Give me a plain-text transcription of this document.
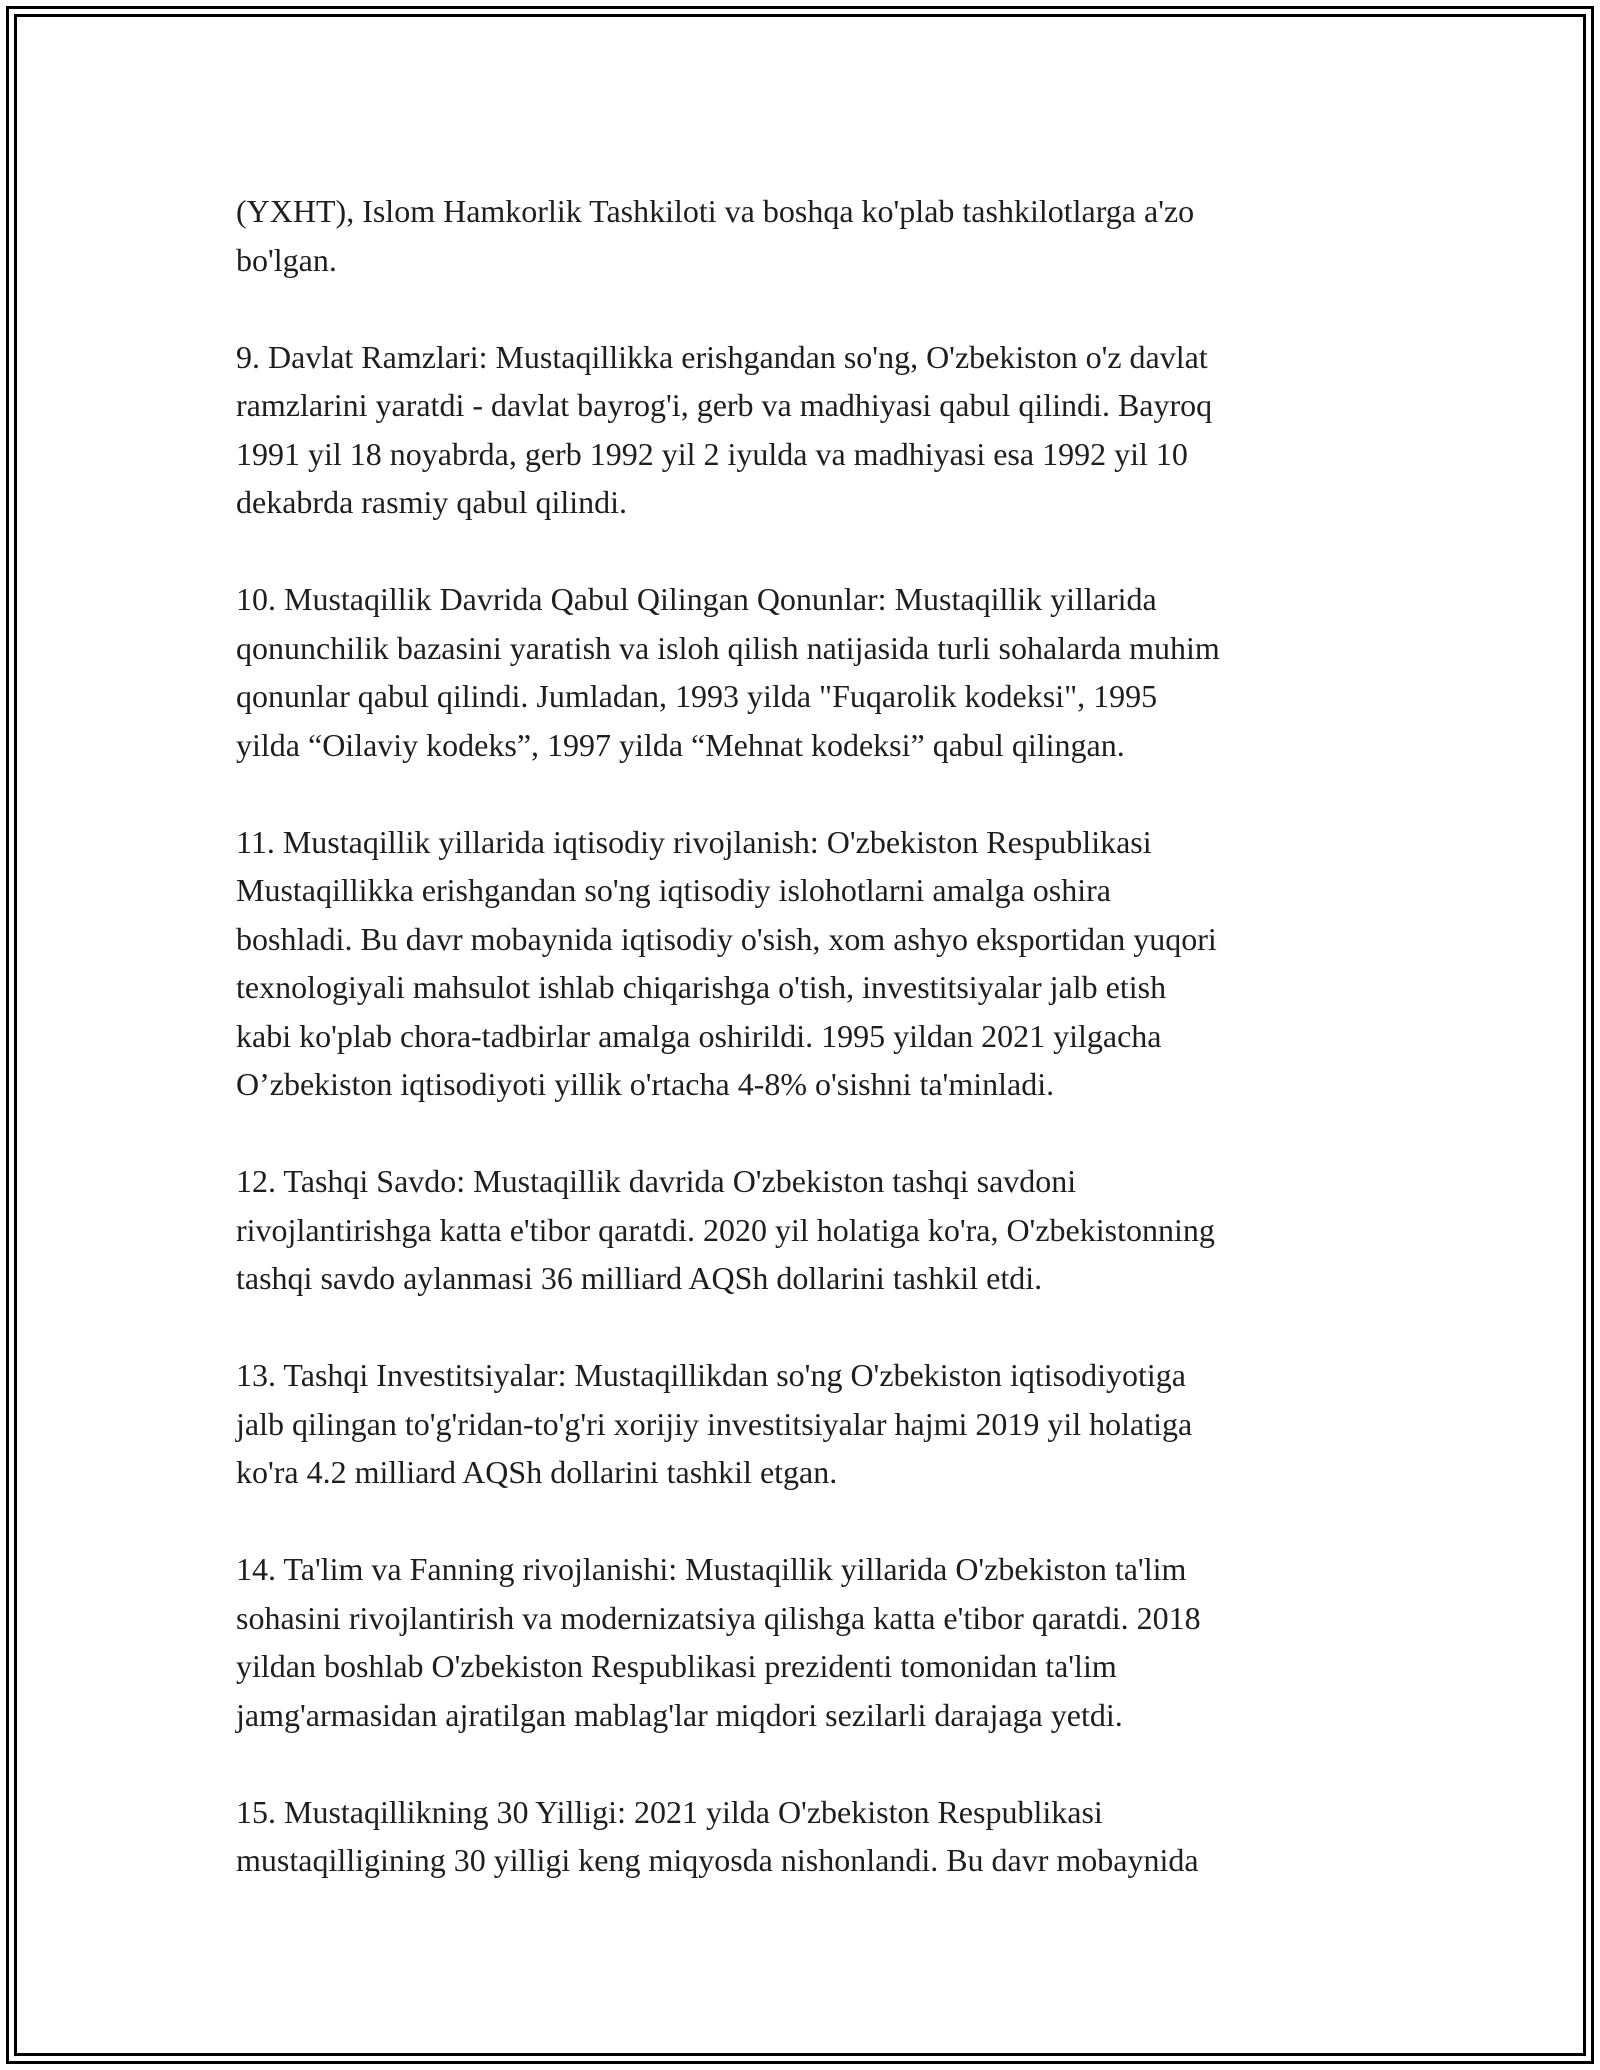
(YXHT), Islom Hamkorlik Tashkiloti va boshqa ko'plab tashkilotlarga a'zo
bo'lgan.

9. Davlat Ramzlari: Mustaqillikka erishgandan so'ng, O'zbekiston o'z davlat
ramzlarini yaratdi - davlat bayrog'i, gerb va madhiyasi qabul qilindi. Bayroq
1991 yil 18 noyabrda, gerb 1992 yil 2 iyulda va madhiyasi esa 1992 yil 10
dekabrda rasmiy qabul qilindi.

10. Mustaqillik Davrida Qabul Qilingan Qonunlar: Mustaqillik yillarida
qonunchilik bazasini yaratish va isloh qilish natijasida turli sohalarda muhim
qonunlar qabul qilindi. Jumladan, 1993 yilda "Fuqarolik kodeksi", 1995
yilda “Oilaviy kodeks”, 1997 yilda “Mehnat kodeksi” qabul qilingan.

11. Mustaqillik yillarida iqtisodiy rivojlanish: O'zbekiston Respublikasi
Mustaqillikka erishgandan so'ng iqtisodiy islohotlarni amalga oshira
boshladi. Bu davr mobaynida iqtisodiy o'sish, xom ashyo eksportidan yuqori
texnologiyali mahsulot ishlab chiqarishga o'tish, investitsiyalar jalb etish
kabi ko'plab chora-tadbirlar amalga oshirildi. 1995 yildan 2021 yilgacha
O’zbekiston iqtisodiyoti yillik o'rtacha 4-8% o'sishni ta'minladi.

12. Tashqi Savdo: Mustaqillik davrida O'zbekiston tashqi savdoni
rivojlantirishga katta e'tibor qaratdi. 2020 yil holatiga ko'ra, O'zbekistonning
tashqi savdo aylanmasi 36 milliard AQSh dollarini tashkil etdi.

13. Tashqi Investitsiyalar: Mustaqillikdan so'ng O'zbekiston iqtisodiyotiga
jalb qilingan to'g'ridan-to'g'ri xorijiy investitsiyalar hajmi 2019 yil holatiga
ko'ra 4.2 milliard AQSh dollarini tashkil etgan.

14. Ta'lim va Fanning rivojlanishi: Mustaqillik yillarida O'zbekiston ta'lim
sohasini rivojlantirish va modernizatsiya qilishga katta e'tibor qaratdi. 2018
yildan boshlab O'zbekiston Respublikasi prezidenti tomonidan ta'lim
jamg'armasidan ajratilgan mablag'lar miqdori sezilarli darajaga yetdi.

15. Mustaqillikning 30 Yilligi: 2021 yilda O'zbekiston Respublikasi
mustaqilligining 30 yilligi keng miqyosda nishonlandi. Bu davr mobaynida
